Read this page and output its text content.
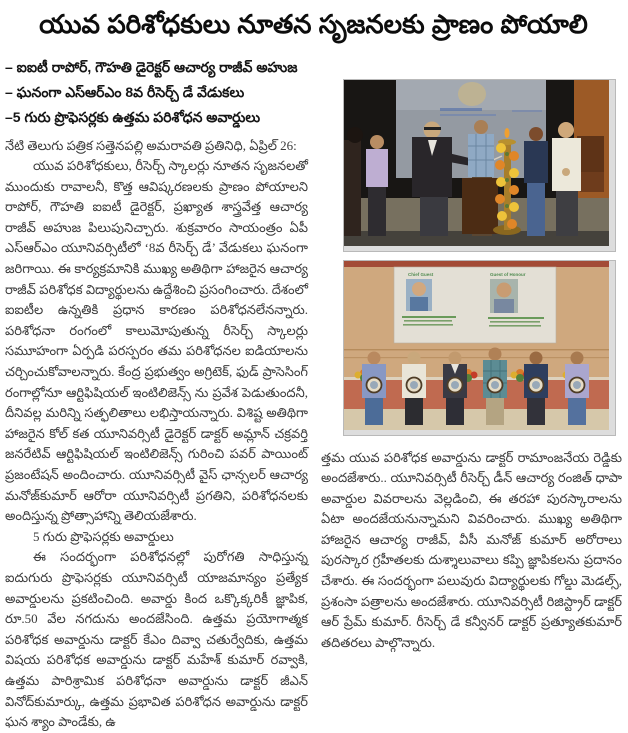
యువ పరిశోధకులు నూతన సృజనలకు ప్రాణం పోయాలి
– ఐఐటీ రాపోర్, గౌహతి డైరెక్టర్ ఆచార్య రాజీవ్ అహుజ
– ఘనంగా ఎస్ఆర్ఎం 8వ రీసెర్చ్ డే వేడుకలు
–5 గురు ప్రొఫెసర్లకు ఉత్తమ పరిశోధన అవార్డులు

నేటి తెలుగు పత్రిక సత్తెనపల్లి అమరావతి ప్రతినిధి, ఏప్రిల్ 26:

యువ పరిశోధకులు, రీసెర్చ్ స్కాలర్లు నూతన సృజనలతో ముందుకు రావాలనీ, కొత్త ఆవిష్కరణలకు ప్రాణం పోయాలని రాపోర్, గౌహతి ఐఐటీ డైరెక్టర్, ప్రఖ్యాత శాస్త్రవేత్త ఆచార్య రాజీవ్ అహుజ పిలుపునిచ్చారు. శుక్రవారం సాయంత్రం ఏపీ ఎస్ఆర్ఎం యూనివర్సిటీలో ‘8వ రీసెర్చ్ డే’ వేడుకలు ఘనంగా జరిగాయి. ఈ కార్యక్రమానికి ముఖ్య అతిథిగా హాజరైన ఆచార్య రాజీవ్ పరిశోధక విద్యార్థులను ఉద్దేశించి ప్రసంగించారు. దేశంలో ఐఐటీల ఉన్నతికి ప్రధాన కారణం పరిశోధనలేనన్నారు. పరిశోధనా రంగంలో కాలుమోపుతున్న రీసెర్చ్ స్కాలర్లు సమూహంగా ఏర్పడి పరస్పరం తమ పరిశోధనల ఐడియాలను చర్చించుకోవాలన్నారు. కేంద్ర ప్రభుత్వం అగ్రిటెక్, ఫుడ్ ప్రాసెసింగ్ రంగాల్లోనూ ఆర్టిఫిషియల్ ఇంటిలిజెన్స్ ను ప్రవేశ పెడుతుందనీ, దీనివల్ల మరిన్ని సత్ఫలితాలు లభిస్తాయన్నారు. విశిష్ట అతిథిగా హాజరైన కోల్ కత యూనివర్సిటీ డైరెక్టర్ డాక్టర్ అమ్లాన్ చక్రవర్తి జనరేటివ్ ఆర్టిఫిషియల్ ఇంటిలిజెన్స్ గురించి పవర్ పాయింట్ ప్రజంటేషన్ అందించారు. యూనివర్సిటీ వైస్ ఛాన్సలర్ ఆచార్య మనోజ్‌కుమార్ ఆరోరా యూనివర్సిటీ ప్రగతిని, పరిశోధనలకు అందిస్తున్న ప్రోత్సాహాన్ని తెలియజేశారు.

5 గురు ప్రొఫెసర్లకు అవార్డులు

ఈ సందర్భంగా పరిశోధనల్లో పురోగతి సాధిస్తున్న ఐదుగురు ప్రొఫెసర్లకు యూనివర్సిటీ యాజమాన్యం ప్రత్యేక అవార్డులను ప్రకటించింది. అవార్డు కింద ఒక్కొక్కరికీ జ్ఞాపిక, రూ.50 వేల నగదును అందజేసింది. ఉత్తమ ప్రయోగాత్మక పరిశోధక అవార్డును డాక్టర్ కేఎం దివ్వా చతుర్వేదికు, ఉత్తమ విషయ పరిశోధక అవార్డును డాక్టర్ మహేశ్ కుమార్ రవ్వాకి, ఉత్తమ పారిశ్రామిక పరిశోధనా అవార్డును డాక్టర్ జీఎన్ వినోద్‌కుమార్కు, ఉత్తమ ప్రభావిత పరిశోధన అవార్డును డాక్టర్ ఘన శ్యాం పాండేకు, ఉ

Chief Guest	Guest of Honour

త్తమ యువ పరిశోధక అవార్డును డాక్టర్ రామాంజనేయ రెడ్డికు అందజేశారు.. యూనివర్సిటీ రీసెర్చ్ డీన్ ఆచార్య రంజిత్ ధాపా అవార్డుల వివరాలను వెల్లడించి, ఈ తరహా పురస్కారాలను ఏటా అందజేయనున్నామని వివరించారు. ముఖ్య అతిథిగా హాజరైన ఆచార్య రాజీవ్, వీసీ మనోజ్ కుమార్ అరోరాలు పురస్కార గ్రహీతలకు దుశ్శాలువాలు కప్పి జ్ఞాపికలను ప్రదానం చేశారు. ఈ సందర్భంగా పలువురు విద్యార్థులకు గోల్డు మెడల్స్, ప్రశంసా పత్రాలను అందజేశారు. యూనివర్సిటీ రిజిస్ట్రార్ డాక్టర్ ఆర్ ప్రేమ్ కుమార్. రీసెర్చ్ డే కన్వీనర్ డాక్టర్ ప్రత్యూతకుమార్ తదితరలు పాల్గొన్నారు.
